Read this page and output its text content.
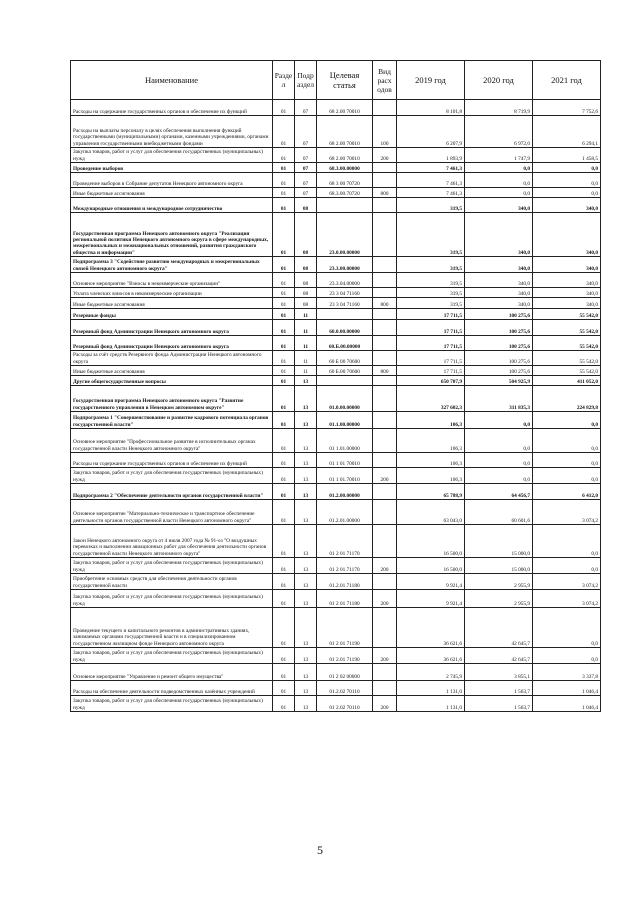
Наименование	Разде л	Подр аздел	Целевая статья	Вид расх одов	2019 год	2020 год	2021 год
Расходы на содержание государственных органов и обеспечение их функций	01	07	68 2.00 70010		8 101,8	8 719,9	7 752,6
Расходы на выплаты персоналу в целях обеспечения выполнения функций государственными (муниципальными) органами, казенными учреждениями, органами управления государственными внебюджетными фондами	01	07	68 2.00 70010	100	6 207,9	6 972,0	6 294,1
Закупка товаров, работ и услуг для обеспечения государственных (муниципальных) нужд	01	07	68 2.00 70010	200	1 893,9	1 747,9	1 458,5
Проведение выборов	01	07	68.3.00.00000		7 461,3	0,0	0,0
Проведение выборов в Собрание депутатов Ненецкого автономного округа	01	07	68 3 00 70720		7 461,3	0,0	0,0
Иные бюджетные ассигнования	01	07	68.3.00.70720	800	7 461,3	0,0	0,0
Международные отношения и международное сотрудничество	01	08			319,5	340,0	340,0
Государственная программа Ненецкого автономного округа "Реализация региональной политики Ненецкого автономного округа в сфере международных, межрегиональных и межнациональных отношений, развития гражданского общества и информации"	01	08	23.0.00.00000		319,5	340,0	340,0
Подпрограмма 3 "Содействие развитию международных и межрегиональных связей Ненецкого автономного округа"	01	08	23.3.00.00000		319,5	340,0	340,0
Основное мероприятие "Взносы в некоммерческие организации"	01	08	23.3.04.00000		319,5	340,0	340,0
Уплата членских взносов в некоммерческие организации	01	08	23 3 04 71160		319,5	340,0	340,0
Иные бюджетные ассигнования	01	08	23 3 04 71160	800	319,5	340,0	340,0
Резервные фонды	01	11			17 711,5	100 275,6	55 542,0
Резервный фонд Администрации Ненецкого автономного округа	01	11	60.0.00.00000		17 711,5	100 275,6	55 542,0
Резервный фонд Администрации Ненецкого автономного округа	01	11	60.Б.00.00000		17 711,5	100 275,6	55 542,0
Расходы за счёт средств Резервного фонда Администрации Ненецкого автономного округа	01	11	60 Б 00 70600		17 711,5	100 275,6	55 542,0
Иные бюджетные ассигнования	01	11	60 Б.00 70600	800	17 711,5	100 275,6	55 542,0
Другие общегосударственные вопросы	01	13			650 707,9	504 925,9	411 052,0
Государственная программа Ненецкого автономного округа "Развитие государственного управления в Ненецком автономном округе"	01	13	01.0.00.00000		327 602,3	311 835,3	224 829,8
Подпрограмма 1 "Совершенствование и развитие кадрового потенциала органов государственной власти"	01	13	01.1.00.00000		106,3	0,0	0,0
Основное мероприятие "Профессиональное развитие в исполнительных органах государственной власти Ненецкого автономного округа"	01	13	01 1.01.00000		106,3	0,0	0,0
Расходы на содержание государственных органов и обеспечение их функций	01	13	01 1 01 70010		106,3	0,0	0,0
Закупка товаров, работ и услуг для обеспечения государственных (муниципальных) нужд	01	13	01 1 01.70010	200	106,3	0,0	0,0
Подпрограмма 2 "Обеспечение деятельности органов государственной власти"	01	13	01.2.00.00000		65 788,9	64 456,7	6 412,0
Основное мероприятие "Материально-техническое и транспортное обеспечение деятельности органов государственной власти Ненецкого автономного округа"	01	13	01.2.01.00000		63 043,0	60 601,6	3 074,2
Закон Ненецкого автономного округа от 4 июля 2007 года № 91-оз "О воздушных перевозках и выполнении авиационных работ для обеспечения деятельности органов государственной власти Ненецкого автономного округа"	01	13	01 2 01 71170		16 500,0	15 000,0	0,0
Закупка товаров, работ и услуг для обеспечения государственных (муниципальных) нужд	01	13	01 2 01.71170	200	16 500,0	15 000,0	0,0
Приобретение основных средств для обеспечения деятельности органов государственной власти	01	13	01.2.01.71180		9 921,4	2 955,9	3 074,2
Закупка товаров, работ и услуг для обеспечения государственных (муниципальных) нужд	01	13	01 2 01 71180	200	9 921,4	2 955,9	3 074,2
Проведение текущего и капитального ремонтов в административных зданиях, занимаемых органами государственной власти и в специализированном государственном жилищном фонде Ненецкого автономного округа	01	13	01 2 01 71190		36 621,6	42 645,7	0,0
Закупка товаров, работ и услуг для обеспечения государственных (муниципальных) нужд	01	13	01 2.01 71190	200	36 621,6	42 645,7	0,0
Основное мероприятие "Управление и ремонт общего имущества"	01	13	01 2 02 00000		2 745,9	3 855,1	3 337,8
Расходы на обеспечение деятельности подведомственных казённых учреждений	01	13	01.2.02 70110		1 131,0	1 563,7	1 046,4
Закупка товаров, работ и услуг для обеспечения государственных (муниципальных) нужд	01	13	01 2.02 70110	200	1 131,0	1 563,7	1 046,4
5
